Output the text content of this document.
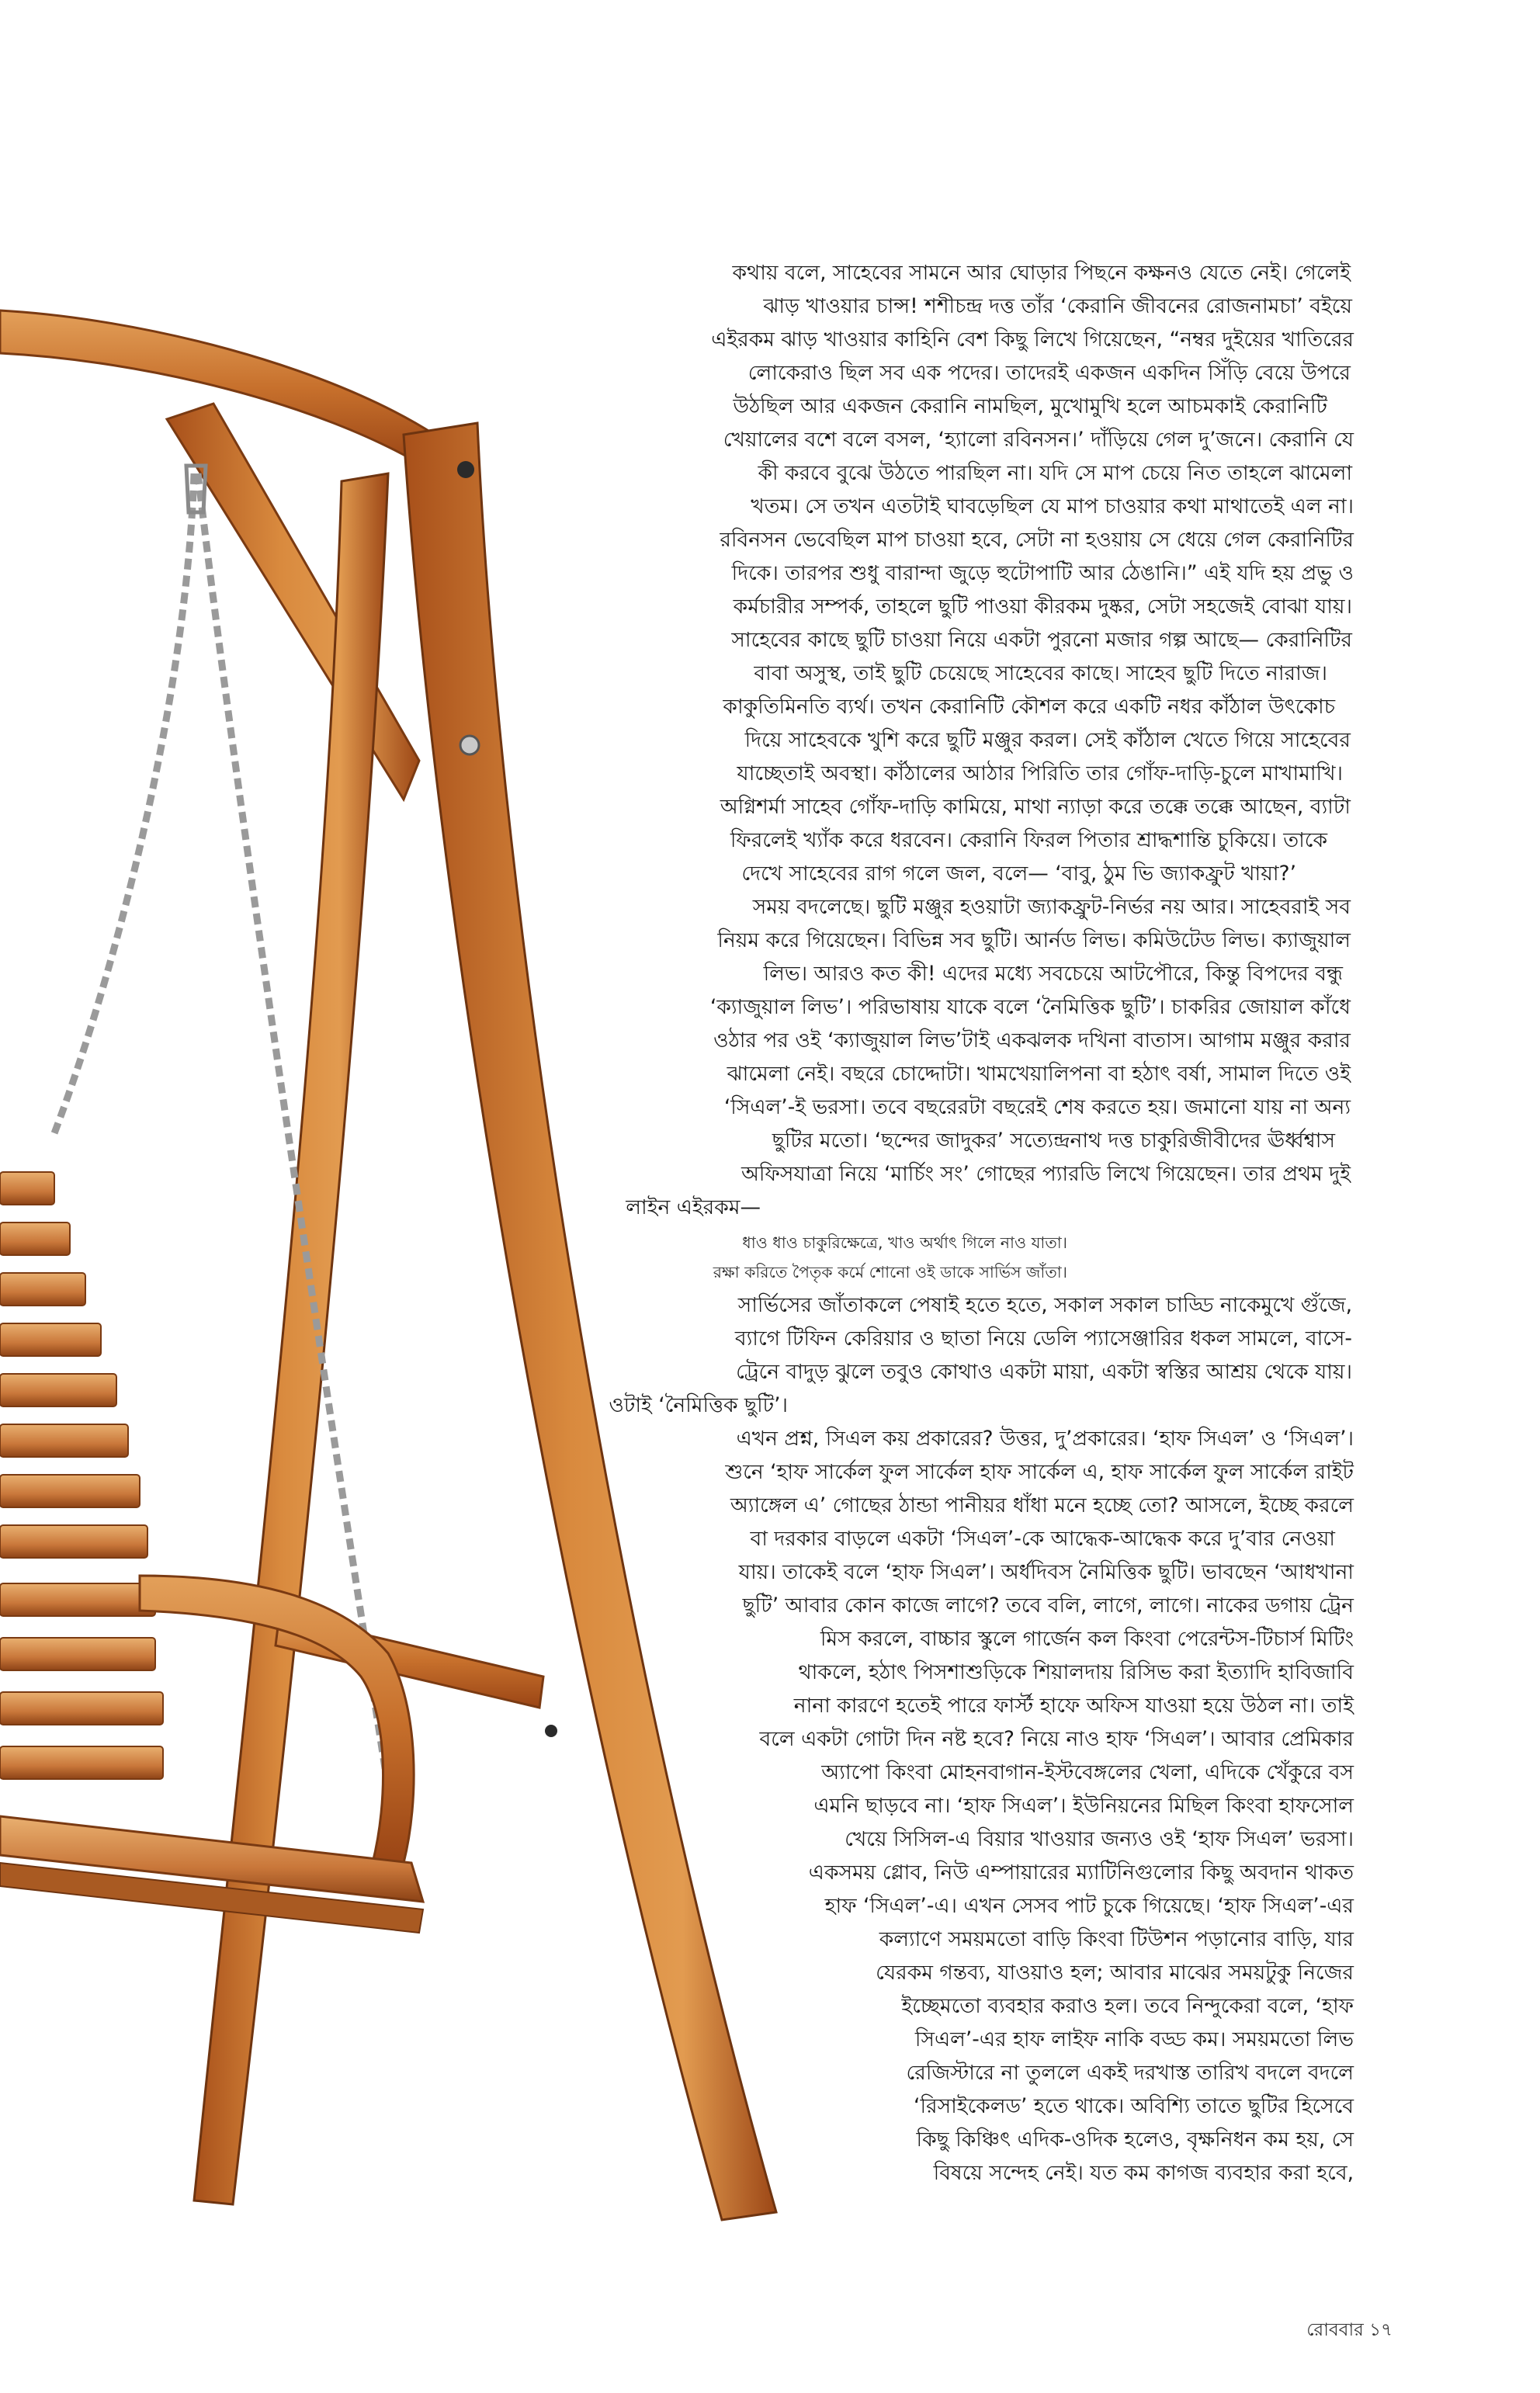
কথায় বলে, সাহেবের সামনে আর ঘোড়ার পিছনে কক্ষনও যেতে নেই। গেলেই
ঝাড় খাওয়ার চান্স! শশীচন্দ্র দত্ত তাঁর ‘কেরানি জীবনের রোজনামচা’ বইয়ে
এইরকম ঝাড় খাওয়ার কাহিনি বেশ কিছু লিখে গিয়েছেন, “নম্বর দুইয়ের খাতিরের
লোকেরাও ছিল সব এক পদের। তাদেরই একজন একদিন সিঁড়ি বেয়ে উপরে
উঠছিল আর একজন কেরানি নামছিল, মুখোমুখি হলে আচমকাই কেরানিটি
খেয়ালের বশে বলে বসল, ‘হ্যালো রবিনসন।’ দাঁড়িয়ে গেল দু’জনে। কেরানি যে
কী করবে বুঝে উঠতে পারছিল না। যদি সে মাপ চেয়ে নিত তাহলে ঝামেলা
খতম। সে তখন এতটাই ঘাবড়েছিল যে মাপ চাওয়ার কথা মাথাতেই এল না।
রবিনসন ভেবেছিল মাপ চাওয়া হবে, সেটা না হওয়ায় সে ধেয়ে গেল কেরানিটির
দিকে। তারপর শুধু বারান্দা জুড়ে হুটোপাটি আর ঠেঙানি।” এই যদি হয় প্রভু ও
কর্মচারীর সম্পর্ক, তাহলে ছুটি পাওয়া কীরকম দুষ্কর, সেটা সহজেই বোঝা যায়।
সাহেবের কাছে ছুটি চাওয়া নিয়ে একটা পুরনো মজার গল্প আছে— কেরানিটির
বাবা অসুস্থ, তাই ছুটি চেয়েছে সাহেবের কাছে। সাহেব ছুটি দিতে নারাজ।
কাকুতিমিনতি ব্যর্থ। তখন কেরানিটি কৌশল করে একটি নধর কাঁঠাল উৎকোচ
দিয়ে সাহেবকে খুশি করে ছুটি মঞ্জুর করল। সেই কাঁঠাল খেতে গিয়ে সাহেবের
যাচ্ছেতাই অবস্থা। কাঁঠালের আঠার পিরিতি তার গোঁফ-দাড়ি-চুলে মাখামাখি।
অগ্নিশর্মা সাহেব গোঁফ-দাড়ি কামিয়ে, মাথা ন্যাড়া করে তক্কে তক্কে আছেন, ব্যাটা
ফিরলেই খ্যাঁক করে ধরবেন। কেরানি ফিরল পিতার শ্রাদ্ধশান্তি চুকিয়ে। তাকে
দেখে সাহেবের রাগ গলে জল, বলে— ‘বাবু, ঠুম ভি জ্যাকফ্রুট খায়া?’
সময় বদলেছে। ছুটি মঞ্জুর হওয়াটা জ্যাকফ্রুট-নির্ভর নয় আর। সাহেবরাই সব
নিয়ম করে গিয়েছেন। বিভিন্ন সব ছুটি। আর্নড লিভ। কমিউটেড লিভ। ক্যাজুয়াল
লিভ। আরও কত কী! এদের মধ্যে সবচেয়ে আটপৌরে, কিন্তু বিপদের বন্ধু
‘ক্যাজুয়াল লিভ’। পরিভাষায় যাকে বলে ‘নৈমিত্তিক ছুটি’। চাকরির জোয়াল কাঁধে
ওঠার পর ওই ‘ক্যাজুয়াল লিভ’টাই একঝলক দখিনা বাতাস। আগাম মঞ্জুর করার
ঝামেলা নেই। বছরে চোদ্দোটা। খামখেয়ালিপনা বা হঠাৎ বর্ষা, সামাল দিতে ওই
‘সিএল’-ই ভরসা। তবে বছরেরটা বছরেই শেষ করতে হয়। জমানো যায় না অন্য
ছুটির মতো। ‘ছন্দের জাদুকর’ সত্যেন্দ্রনাথ দত্ত চাকুরিজীবীদের ঊর্ধ্বশ্বাস
অফিসযাত্রা নিয়ে ‘মার্চিং সং’ গোছের প্যারডি লিখে গিয়েছেন। তার প্রথম দুই
লাইন এইরকম—
ধাও ধাও চাকুরিক্ষেত্রে, খাও অর্থাৎ গিলে নাও যাতা।
রক্ষা করিতে পৈতৃক কর্মে শোনো ওই ডাকে সার্ভিস জাঁতা।
সার্ভিসের জাঁতাকলে পেষাই হতে হতে, সকাল সকাল চাড্ডি নাকেমুখে গুঁজে,
ব্যাগে টিফিন কেরিয়ার ও ছাতা নিয়ে ডেলি প্যাসেঞ্জারির ধকল সামলে, বাসে-
ট্রেনে বাদুড় ঝুলে তবুও কোথাও একটা মায়া, একটা স্বস্তির আশ্রয় থেকে যায়।
ওটাই ‘নৈমিত্তিক ছুটি’।
এখন প্রশ্ন, সিএল কয় প্রকারের? উত্তর, দু’প্রকারের। ‘হাফ সিএল’ ও ‘সিএল’।
শুনে ‘হাফ সার্কেল ফুল সার্কেল হাফ সার্কেল এ, হাফ সার্কেল ফুল সার্কেল রাইট
অ্যাঙ্গেল এ’ গোছের ঠান্ডা পানীয়র ধাঁধা মনে হচ্ছে তো? আসলে, ইচ্ছে করলে
বা দরকার বাড়লে একটা ‘সিএল’-কে আদ্ধেক-আদ্ধেক করে দু’বার নেওয়া
যায়। তাকেই বলে ‘হাফ সিএল’। অর্ধদিবস নৈমিত্তিক ছুটি। ভাবছেন ‘আধখানা
ছুটি’ আবার কোন কাজে লাগে? তবে বলি, লাগে, লাগে। নাকের ডগায় ট্রেন
মিস করলে, বাচ্চার স্কুলে গার্জেন কল কিংবা পেরেন্টস-টিচার্স মিটিং
থাকলে, হঠাৎ পিসশাশুড়িকে শিয়ালদায় রিসিভ করা ইত্যাদি হাবিজাবি
নানা কারণে হতেই পারে ফার্স্ট হাফে অফিস যাওয়া হয়ে উঠল না। তাই
বলে একটা গোটা দিন নষ্ট হবে? নিয়ে নাও হাফ ‘সিএল’। আবার প্রেমিকার
অ্যাপো কিংবা মোহনবাগান-ইস্টবেঙ্গলের খেলা, এদিকে খেঁকুরে বস
এমনি ছাড়বে না। ‘হাফ সিএল’। ইউনিয়নের মিছিল কিংবা হাফসোল
খেয়ে সিসিল-এ বিয়ার খাওয়ার জন্যও ওই ‘হাফ সিএল’ ভরসা।
একসময় গ্লোব, নিউ এম্পায়ারের ম্যাটিনিগুলোর কিছু অবদান থাকত
হাফ ‘সিএল’-এ। এখন সেসব পাট চুকে গিয়েছে। ‘হাফ সিএল’-এর
কল্যাণে সময়মতো বাড়ি কিংবা টিউশন পড়ানোর বাড়ি, যার
যেরকম গন্তব্য, যাওয়াও হল; আবার মাঝের সময়টুকু নিজের
ইচ্ছেমতো ব্যবহার করাও হল। তবে নিন্দুকেরা বলে, ‘হাফ
সিএল’-এর হাফ লাইফ নাকি বড্ড কম। সময়মতো লিভ
রেজিস্টারে না তুললে একই দরখাস্ত তারিখ বদলে বদলে
‘রিসাইকেলড’ হতে থাকে। অবিশ্যি তাতে ছুটির হিসেবে
কিছু কিঞ্চিৎ এদিক-ওদিক হলেও, বৃক্ষনিধন কম হয়, সে
বিষয়ে সন্দেহ নেই। যত কম কাগজ ব্যবহার করা হবে,
রোববার ১৭
